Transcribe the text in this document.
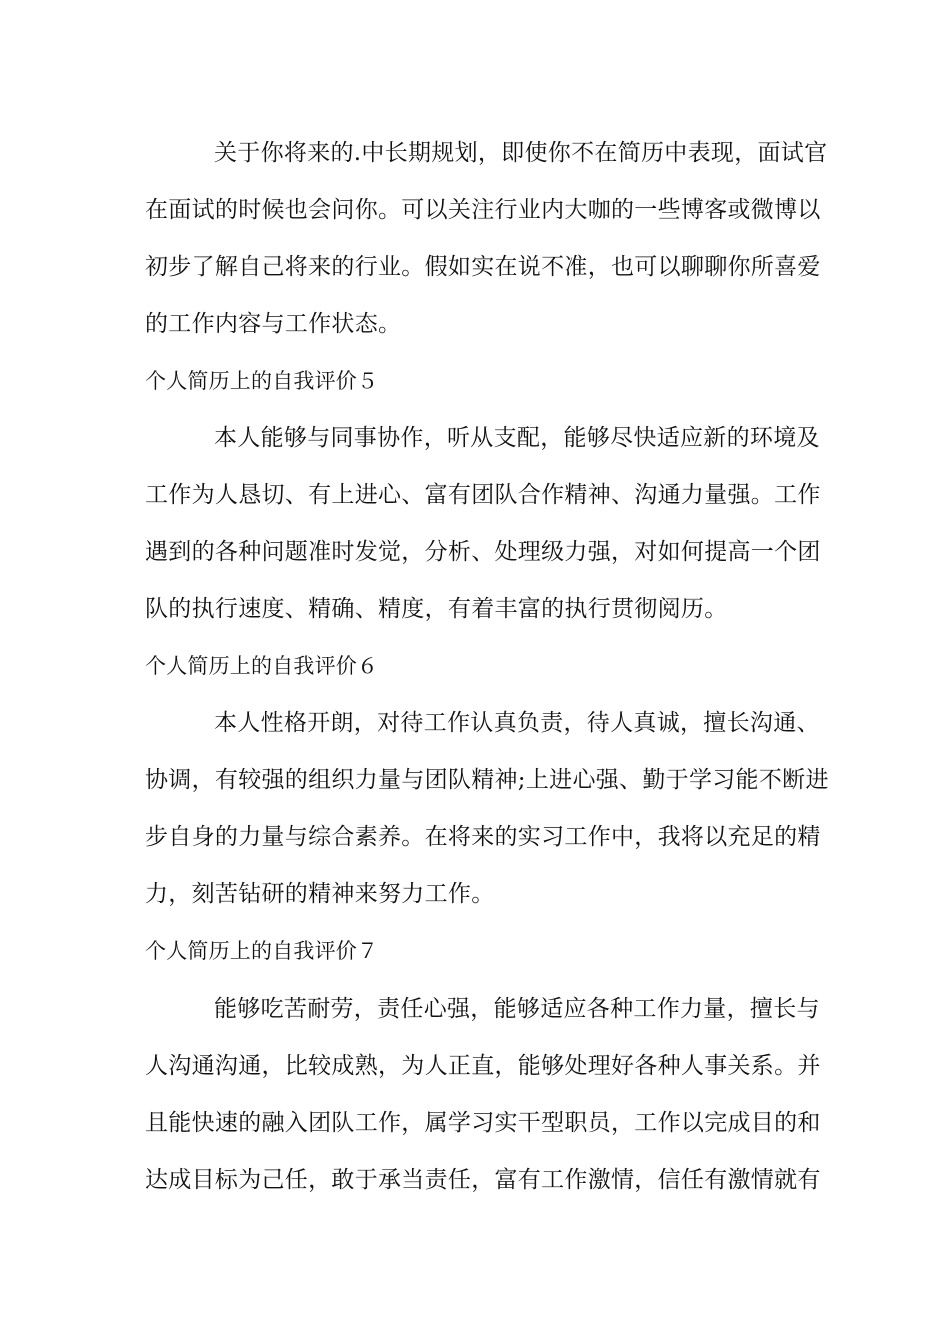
关于你将来的.中长期规划，即使你不在简历中表现，面试官
在面试的时候也会问你。可以关注行业内大咖的一些博客或微博以
初步了解自己将来的行业。假如实在说不准，也可以聊聊你所喜爱
的工作内容与工作状态。
个人简历上的自我评价５
本人能够与同事协作，听从支配，能够尽快适应新的环境及
工作为人恳切、有上进心、富有团队合作精神、沟通力量强。工作
遇到的各种问题准时发觉，分析、处理级力强，对如何提高一个团
队的执行速度、精确、精度，有着丰富的执行贯彻阅历。
个人简历上的自我评价６
本人性格开朗，对待工作认真负责，待人真诚，擅长沟通、
协调，有较强的组织力量与团队精神;上进心强、勤于学习能不断进
步自身的力量与综合素养。在将来的实习工作中，我将以充足的精
力，刻苦钻研的精神来努力工作。
个人简历上的自我评价７
能够吃苦耐劳，责任心强，能够适应各种工作力量，擅长与
人沟通沟通，比较成熟，为人正直，能够处理好各种人事关系。并
且能快速的融入团队工作，属学习实干型职员，工作以完成目的和
达成目标为己任，敢于承当责任，富有工作激情，信任有激情就有
